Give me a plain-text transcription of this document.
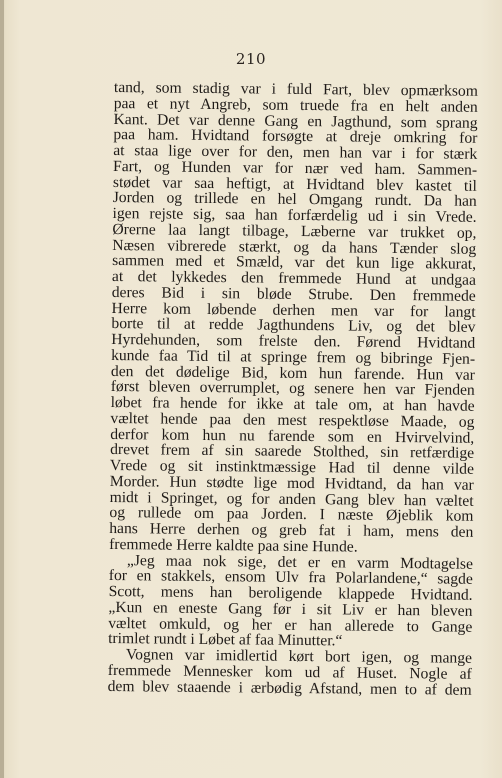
210
tand, som stadig var i fuld Fart, blev opmærksom
paa et nyt Angreb, som truede fra en helt anden
Kant. Det var denne Gang en Jagthund, som sprang
paa ham. Hvidtand forsøgte at dreje omkring for
at staa lige over for den, men han var i for stærk
Fart, og Hunden var for nær ved ham. Sammen-
stødet var saa heftigt, at Hvidtand blev kastet til
Jorden og trillede en hel Omgang rundt. Da han
igen rejste sig, saa han forfærdelig ud i sin Vrede.
Ørerne laa langt tilbage, Læberne var trukket op,
Næsen vibrerede stærkt, og da hans Tænder slog
sammen med et Smæld, var det kun lige akkurat,
at det lykkedes den fremmede Hund at undgaa
deres Bid i sin bløde Strube. Den fremmede
Herre kom løbende derhen men var for langt
borte til at redde Jagthundens Liv, og det blev
Hyrdehunden, som frelste den. Førend Hvidtand
kunde faa Tid til at springe frem og bibringe Fjen-
den det dødelige Bid, kom hun farende. Hun var
først bleven overrumplet, og senere hen var Fjenden
løbet fra hende for ikke at tale om, at han havde
væltet hende paa den mest respektløse Maade, og
derfor kom hun nu farende som en Hvirvelvind,
drevet frem af sin saarede Stolthed, sin retfærdige
Vrede og sit instinktmæssige Had til denne vilde
Morder. Hun stødte lige mod Hvidtand, da han var
midt i Springet, og for anden Gang blev han væltet
og rullede om paa Jorden. I næste Øjeblik kom
hans Herre derhen og greb fat i ham, mens den
fremmede Herre kaldte paa sine Hunde.
„Jeg maa nok sige, det er en varm Modtagelse
for en stakkels, ensom Ulv fra Polarlandene,“ sagde
Scott, mens han beroligende klappede Hvidtand.
„Kun en eneste Gang før i sit Liv er han bleven
væltet omkuld, og her er han allerede to Gange
trimlet rundt i Løbet af faa Minutter.“
Vognen var imidlertid kørt bort igen, og mange
fremmede Mennesker kom ud af Huset. Nogle af
dem blev staaende i ærbødig Afstand, men to af dem
